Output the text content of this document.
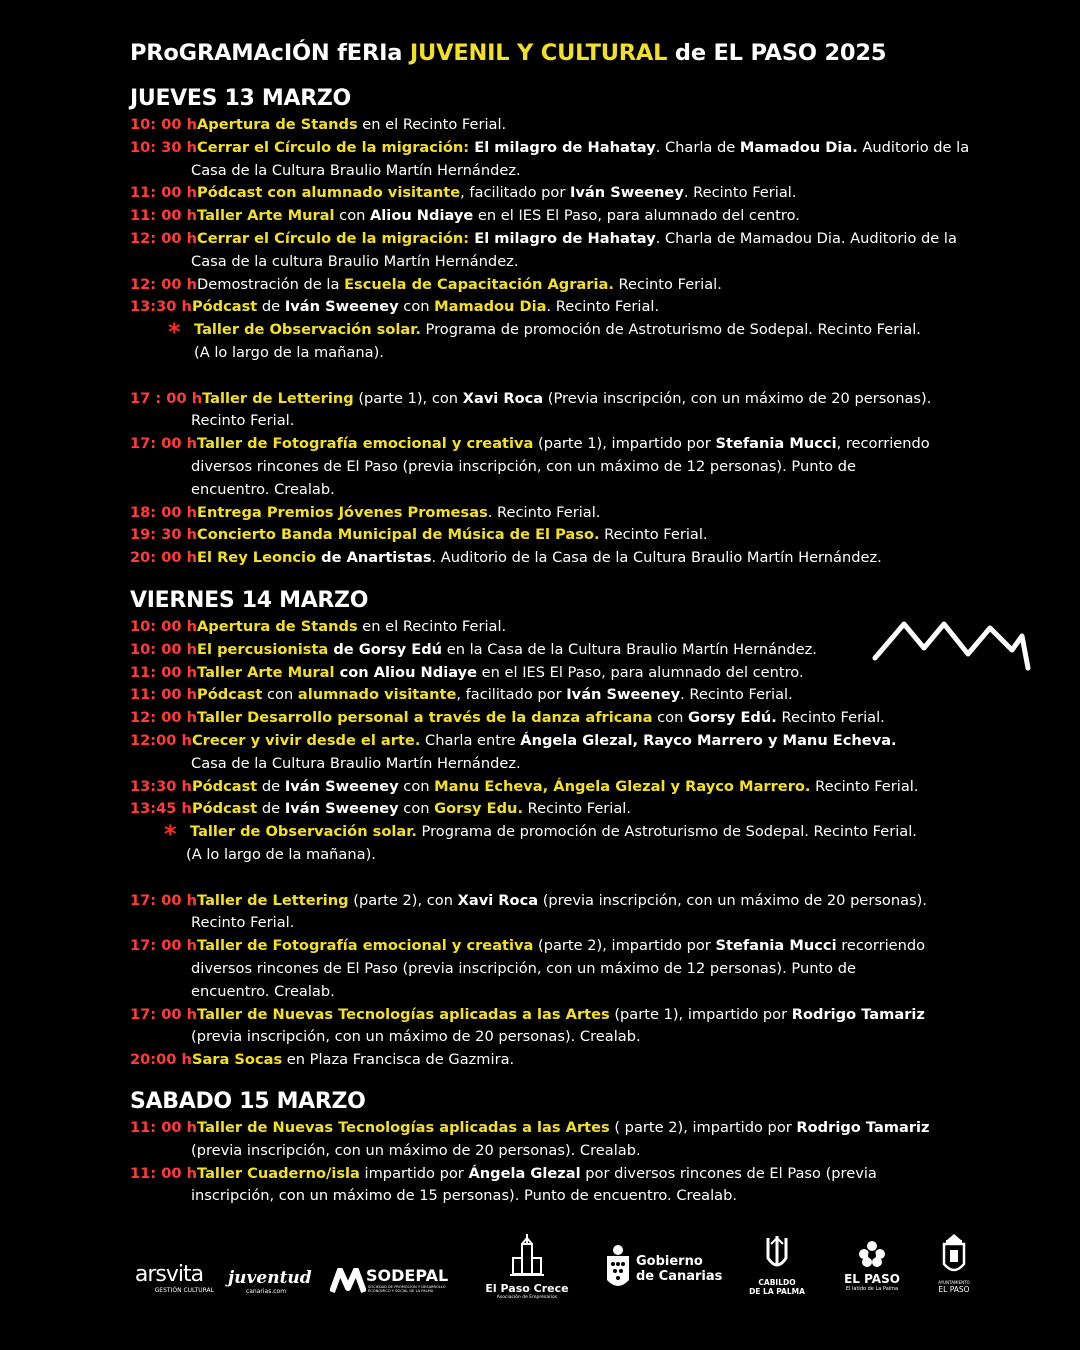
PRoGRAMAcIÓN fERIa JUVENIL Y CULTURAL de EL PASO 2025
JUEVES 13 MARZO
10: 00 hApertura de Stands en el Recinto Ferial.
10: 30 hCerrar el Círculo de la migración: El milagro de Hahatay. Charla de Mamadou Dia. Auditorio de la
Casa de la Cultura Braulio Martín Hernández.
11: 00 hPódcast con alumnado visitante, facilitado por Iván Sweeney. Recinto Ferial.
11: 00 hTaller Arte Mural con Aliou Ndiaye en el IES El Paso, para alumnado del centro.
12: 00 hCerrar el Círculo de la migración: El milagro de Hahatay. Charla de Mamadou Dia. Auditorio de la
Casa de la cultura Braulio Martín Hernández.
12: 00 hDemostración de la Escuela de Capacitación Agraria. Recinto Ferial.
13:30 hPódcast de Iván Sweeney con Mamadou Dia. Recinto Ferial.
* Taller de Observación solar. Programa de promoción de Astroturismo de Sodepal. Recinto Ferial.
(A lo largo de la mañana).
17 : 00 hTaller de Lettering (parte 1), con Xavi Roca (Previa inscripción, con un máximo de 20 personas).
Recinto Ferial.
17: 00 hTaller de Fotografía emocional y creativa (parte 1), impartido por Stefania Mucci, recorriendo
diversos rincones de El Paso (previa inscripción, con un máximo de 12 personas). Punto de
encuentro. Crealab.
18: 00 hEntrega Premios Jóvenes Promesas. Recinto Ferial.
19: 30 hConcierto Banda Municipal de Música de El Paso. Recinto Ferial.
20: 00 hEl Rey Leoncio de Anartistas. Auditorio de la Casa de la Cultura Braulio Martín Hernández.
VIERNES 14 MARZO
10: 00 hApertura de Stands en el Recinto Ferial.
10: 00 hEl percusionista de Gorsy Edú en la Casa de la Cultura Braulio Martín Hernández.
11: 00 hTaller Arte Mural con Aliou Ndiaye en el IES El Paso, para alumnado del centro.
11: 00 hPódcast con alumnado visitante, facilitado por Iván Sweeney. Recinto Ferial.
12: 00 hTaller Desarrollo personal a través de la danza africana con Gorsy Edú. Recinto Ferial.
12:00 hCrecer y vivir desde el arte. Charla entre Ángela Glezal, Rayco Marrero y Manu Echeva.
Casa de la Cultura Braulio Martín Hernández.
13:30 hPódcast de Iván Sweeney con Manu Echeva, Ángela Glezal y Rayco Marrero. Recinto Ferial.
13:45 hPódcast de Iván Sweeney con Gorsy Edu. Recinto Ferial.
* Taller de Observación solar. Programa de promoción de Astroturismo de Sodepal. Recinto Ferial.
(A lo largo de la mañana).
17: 00 hTaller de Lettering (parte 2), con Xavi Roca (previa inscripción, con un máximo de 20 personas).
Recinto Ferial.
17: 00 hTaller de Fotografía emocional y creativa (parte 2), impartido por Stefania Mucci recorriendo
diversos rincones de El Paso (previa inscripción, con un máximo de 12 personas). Punto de
encuentro. Crealab.
17: 00 hTaller de Nuevas Tecnologías aplicadas a las Artes (parte 1), impartido por Rodrigo Tamariz
(previa inscripción, con un máximo de 20 personas). Crealab.
20:00 hSara Socas en Plaza Francisca de Gazmira.
SABADO 15 MARZO
11: 00 hTaller de Nuevas Tecnologías aplicadas a las Artes ( parte 2), impartido por Rodrigo Tamariz
(previa inscripción, con un máximo de 20 personas). Crealab.
11: 00 hTaller Cuaderno/isla impartido por Ángela Glezal por diversos rincones de El Paso (previa
inscripción, con un máximo de 15 personas). Punto de encuentro. Crealab.
arsvita
GESTIÓN CULTURAL
juventud
canarias.com
SODEPAL
SOCIEDAD DE PROMOCIÓN Y DESARROLLO ECONÓMICO Y SOCIAL DE LA PALMA	El Paso Crece
Asociación de Empresarios
Gobierno
de Canarias	CABILDO
DE LA PALMA
EL PASO
El latido de La Palma
AYUNTAMIENTO
EL PASO
